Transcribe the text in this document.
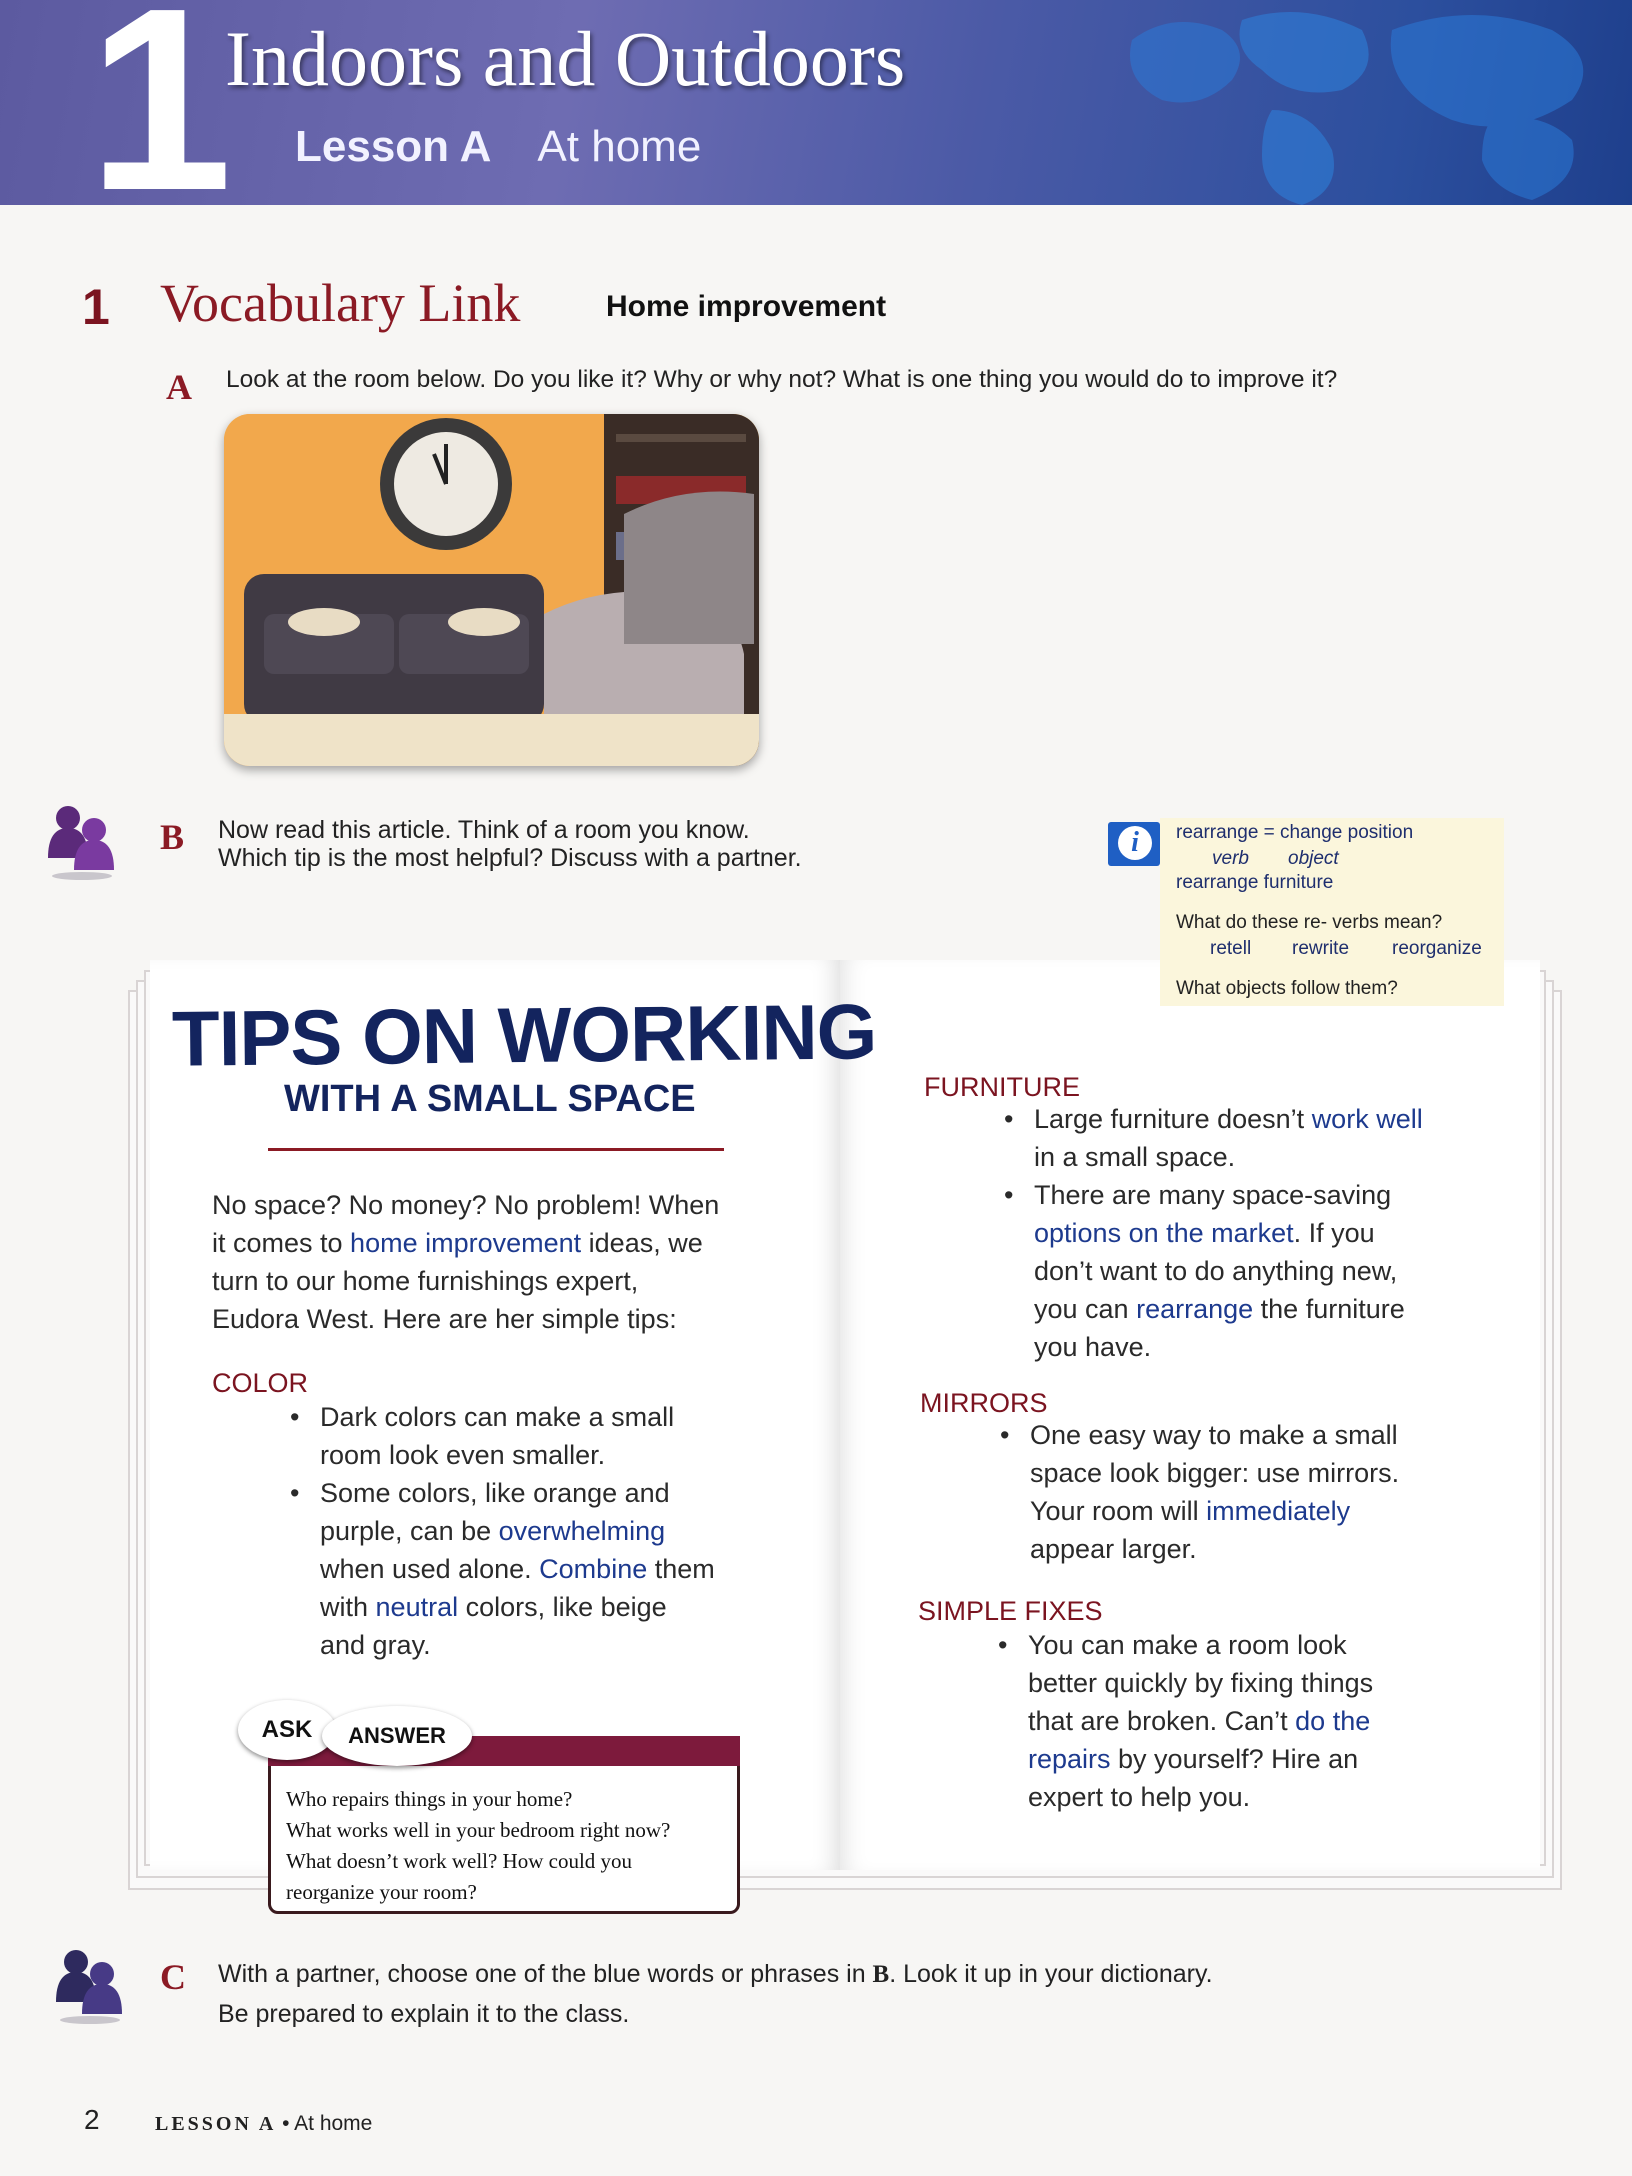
1
Indoors and Outdoors
Lesson A At home
1 Vocabulary Link	Home improvement
A Look at the room below. Do you like it? Why or why not? What is one thing you would do to improve it?
B Now read this article. Think of a room you know.
Which tip is the most helpful? Discuss with a partner.
rearrange = change position
verb object
rearrange furniture
What do these re- verbs mean?
retell rewrite reorganize
What objects follow them?
i
TIPS ON WORKING
WITH A SMALL SPACE
No space? No money? No problem! When
it comes to home improvement ideas, we
turn to our home furnishings expert,
Eudora West. Here are her simple tips:
COLOR
• Dark colors can make a small
room look even smaller.
• Some colors, like orange and
purple, can be overwhelming
when used alone. Combine them
with neutral colors, like beige
and gray.
FURNITURE
• Large furniture doesn’t work well
in a small space.
• There are many space-saving
options on the market. If you
don’t want to do anything new,
you can rearrange the furniture
you have.
MIRRORS
• One easy way to make a small
space look bigger: use mirrors.
Your room will immediately
appear larger.
SIMPLE FIXES
• You can make a room look
better quickly by fixing things
that are broken. Can’t do the
repairs by yourself? Hire an
expert to help you.
ASK	ANSWER
Who repairs things in your home?
What works well in your bedroom right now?
What doesn’t work well? How could you
reorganize your room?
C With a partner, choose one of the blue words or phrases in B. Look it up in your dictionary.
Be prepared to explain it to the class.
2	LESSON A • At home
